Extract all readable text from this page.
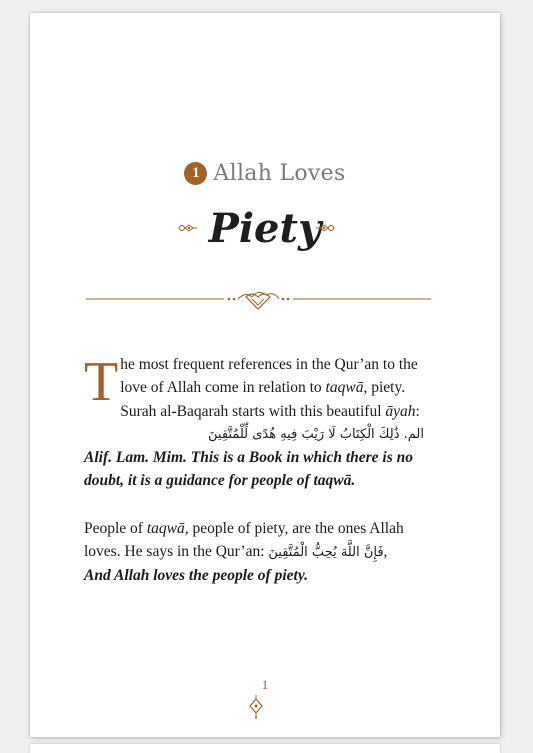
1 Allah Loves
Piety
T he most frequent references in the Qur’an to the
love of Allah come in relation to taqwā, piety.
Surah al-Baqarah starts with this beautiful āyah:
الم. ذَٰلِكَ الْكِتَابُ لَا رَيْبَ فِيهِ هُدًى لِّلْمُتَّقِينَ
Alif. Lam. Mim. This is a Book in which there is no doubt, it is a guidance for people of taqwā.
People of taqwā, people of piety, are the ones Allah loves. He says in the Qur’an: فَإِنَّ اللَّهَ يُحِبُّ الْمُتَّقِينَ,
And Allah loves the people of piety.
1
